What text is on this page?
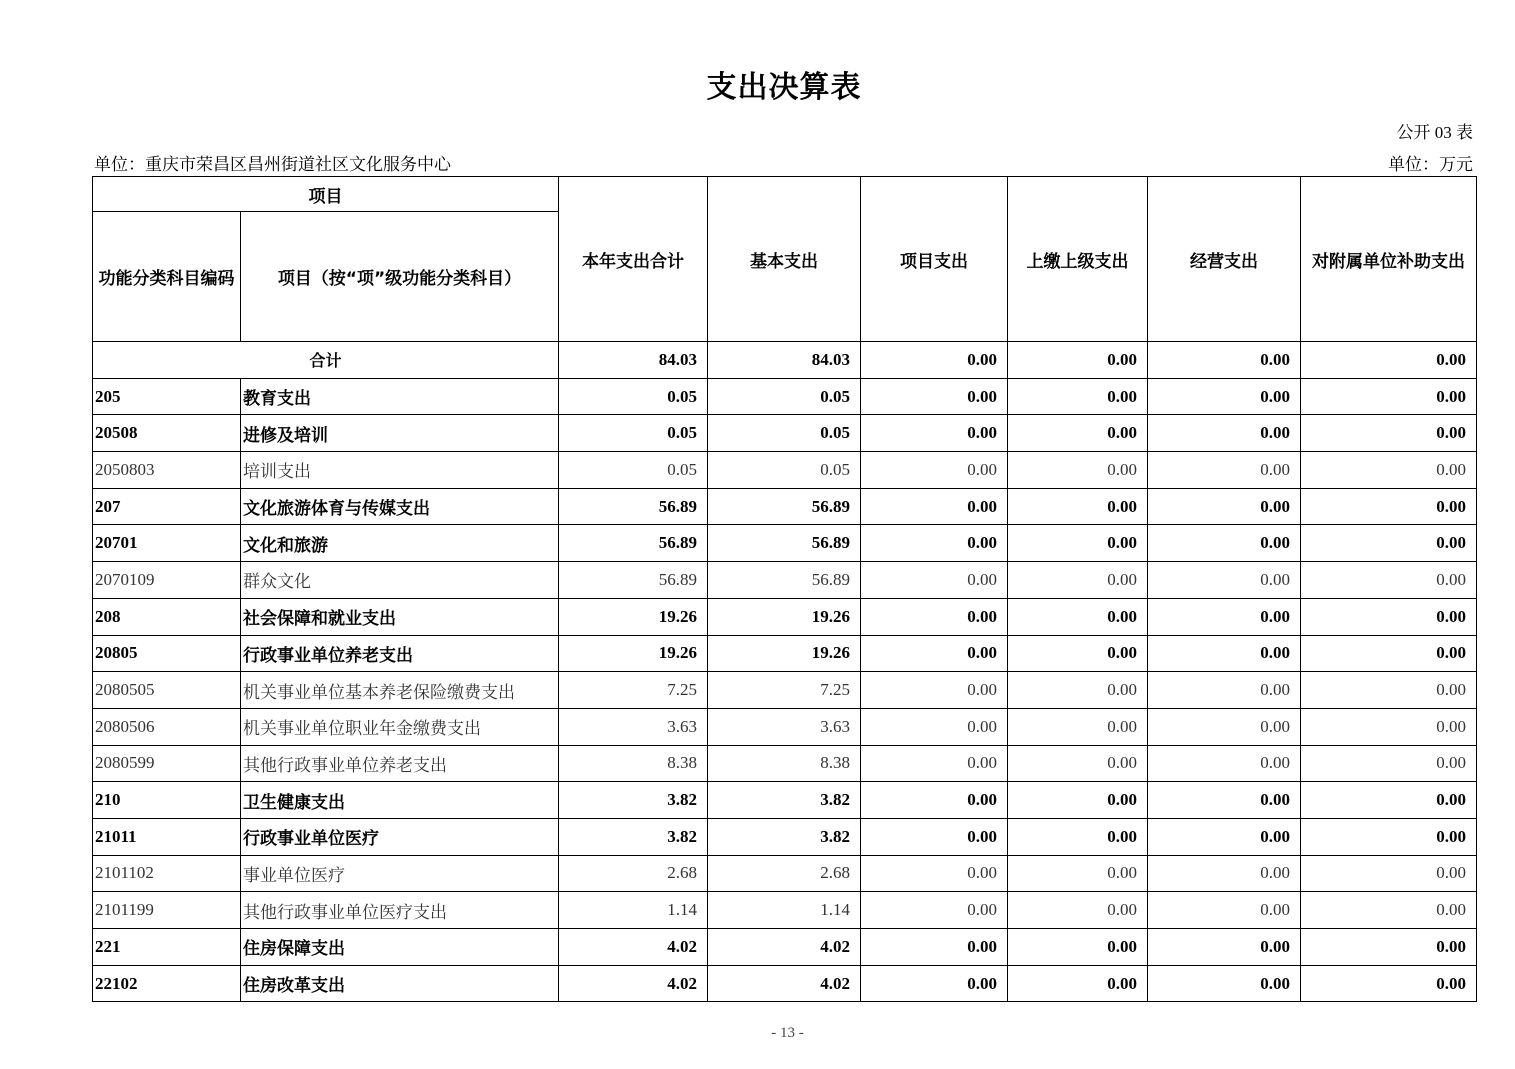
支出决算表
公开 03 表
单位：重庆市荣昌区昌州街道社区文化服务中心	单位：万元
项目		本年支出合计	基本支出	项目支出	上缴上级支出	经营支出	对附属单位补助支出
功能分类科目编码	项目（按“项”级功能分类科目）						
合计		84.03	84.03	0.00	0.00	0.00	0.00
205	教育支出	0.05	0.05	0.00	0.00	0.00	0.00
20508	进修及培训	0.05	0.05	0.00	0.00	0.00	0.00
2050803	培训支出	0.05	0.05	0.00	0.00	0.00	0.00
207	文化旅游体育与传媒支出	56.89	56.89	0.00	0.00	0.00	0.00
20701	文化和旅游	56.89	56.89	0.00	0.00	0.00	0.00
2070109	群众文化	56.89	56.89	0.00	0.00	0.00	0.00
208	社会保障和就业支出	19.26	19.26	0.00	0.00	0.00	0.00
20805	行政事业单位养老支出	19.26	19.26	0.00	0.00	0.00	0.00
2080505	机关事业单位基本养老保险缴费支出	7.25	7.25	0.00	0.00	0.00	0.00
2080506	机关事业单位职业年金缴费支出	3.63	3.63	0.00	0.00	0.00	0.00
2080599	其他行政事业单位养老支出	8.38	8.38	0.00	0.00	0.00	0.00
210	卫生健康支出	3.82	3.82	0.00	0.00	0.00	0.00
21011	行政事业单位医疗	3.82	3.82	0.00	0.00	0.00	0.00
2101102	事业单位医疗	2.68	2.68	0.00	0.00	0.00	0.00
2101199	其他行政事业单位医疗支出	1.14	1.14	0.00	0.00	0.00	0.00
221	住房保障支出	4.02	4.02	0.00	0.00	0.00	0.00
22102	住房改革支出	4.02	4.02	0.00	0.00	0.00	0.00
- 13 -
